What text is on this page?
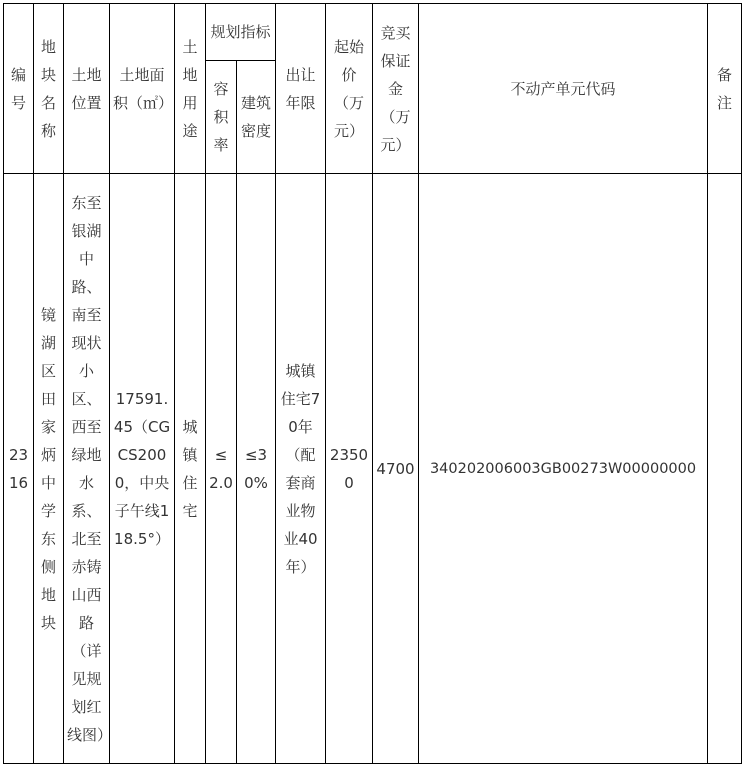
编号	地块名称	土地位置	土地面积（㎡）	土地用途	规划指标		出让年限	起始价（万元）	竞买保证金（万元）	不动产单元代码	备注
					容积率	建筑密度					
2316	镜湖区田家炳中学东侧地块	东至银湖中路、南至现状小区、西至绿地水系、北至赤铸山西路（详见规划红线图）	17591.45（CGCS2000，中央子午线118.5°）	城镇住宅	≤2.0	≤30%	城镇住宅70年（配套商业物业40年）	23500	4700	340202006003GB00273W00000000	
